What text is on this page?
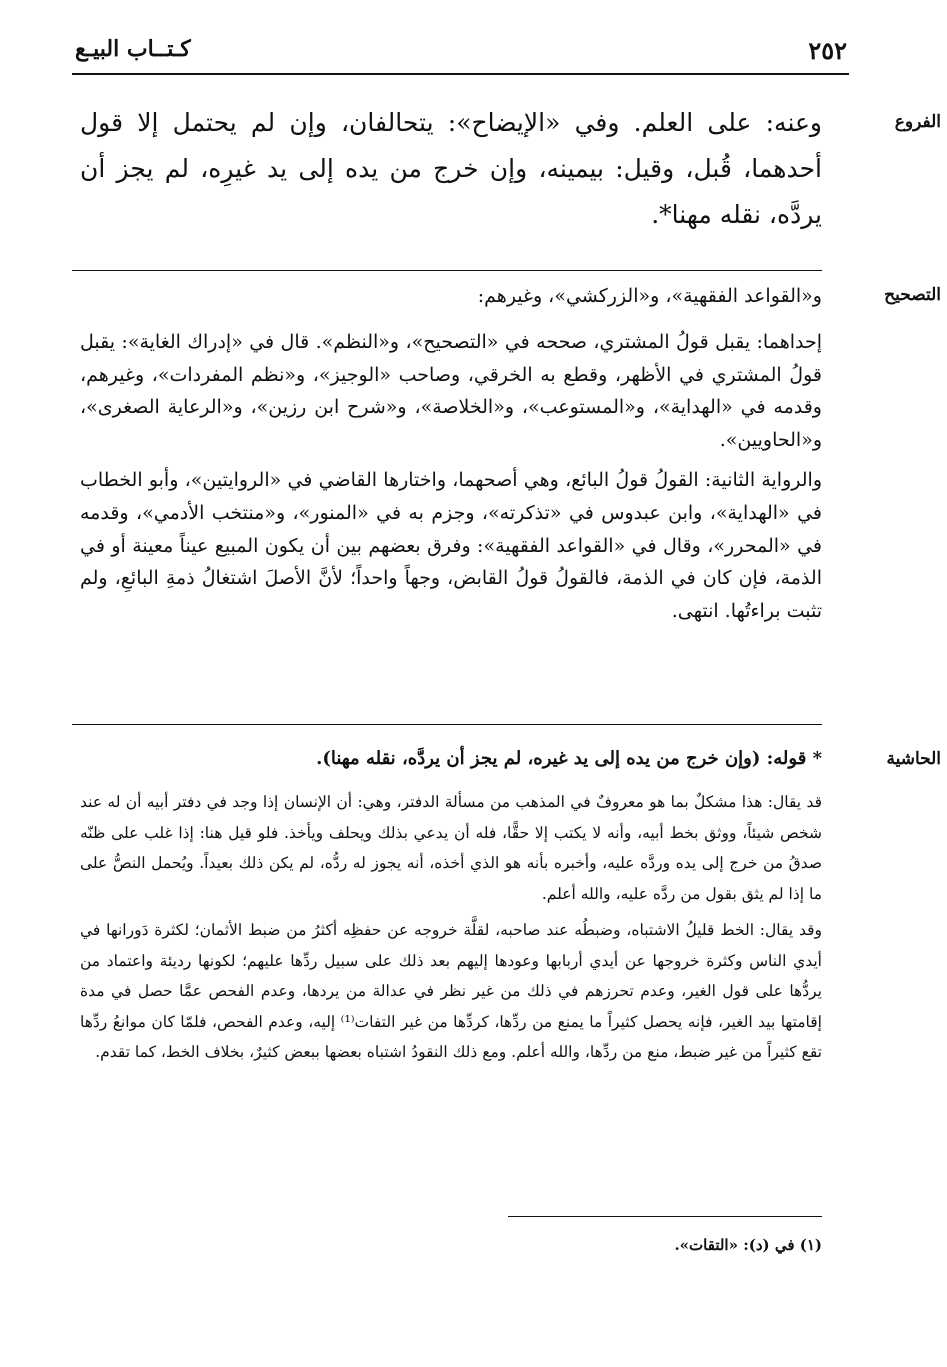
كـتــاب البيـع	٢٥٢
الفروع

وعنه: على العلم. وفي «الإيضاح»: يتحالفان، وإن لم يحتمل إلا قول أحدهما، قُبل، وقيل: بيمينه، وإن خرج من يده إلى يد غيرِه، لم يجز أن يردَّه، نقله مهنا*.

التصحيح
و«القواعد الفقهية»، و«الزركشي»، وغيرهم:

إحداهما: يقبل قولُ المشتري، صححه في «التصحيح»، و«النظم». قال في «إدراك الغاية»: يقبل قولُ المشتري في الأظهر، وقطع به الخرقي، وصاحب «الوجيز»، و«نظم المفردات»، وغيرهم، وقدمه في «الهداية»، و«المستوعب»، و«الخلاصة»، و«شرح ابن رزين»، و«الرعاية الصغرى»، و«الحاويين».

والرواية الثانية: القولُ قولُ البائع، وهي أصحهما، واختارها القاضي في «الروايتين»، وأبو الخطاب في «الهداية»، وابن عبدوس في «تذكرته»، وجزم به في «المنور»، و«منتخب الأدمي»، وقدمه في «المحرر»، وقال في «القواعد الفقهية»: وفرق بعضهم بين أن يكون المبيع عيناً معينة أو في الذمة، فإن كان في الذمة، فالقولُ قولُ القابض، وجهاً واحداً؛ لأنَّ الأصلَ اشتغالُ ذمةِ البائعِ، ولم تثبت براءتُها. انتهى.

الحاشية
* قوله: (وإن خرج من يده إلى يد غيره، لم يجز أن يردَّه، نقله مهنا).

قد يقال: هذا مشكلٌ بما هو معروفٌ في المذهب من مسألة الدفتر، وهي: أن الإنسان إذا وجد في دفتر أبيه أن له عند شخص شيئاً، ووثق بخط أبيه، وأنه لا يكتب إلا حقًّا، فله أن يدعي بذلك ويحلف ويأخذ. فلو قيل هنا: إذا غلب على ظنّه صدقُ من خرج إلى يده وردَّه عليه، وأخبره بأنه هو الذي أخذه، أنه يجوز له ردُّه، لم يكن ذلك بعيداً. ويُحمل النصُّ على ما إذا لم يثق بقول من ردَّه عليه، والله أعلم.

وقد يقال: الخط قليلُ الاشتباه، وضبطُه عند صاحبه، لقلَّة خروجه عن حفظِه أكثرُ من ضبط الأثمان؛ لكثرة دَورانها في أيدي الناس وكثرة خروجها عن أيدي أربابها وعودها إليهم بعد ذلك على سبيل ردِّها عليهم؛ لكونها رديئة واعتماد من يردُّها على قول الغير، وعدم تحرزهم في ذلك من غير نظر في عدالة من يردها، وعدم الفحص عمَّا حصل في مدة إقامتها بيد الغير، فإنه يحصل كثيراً ما يمنع من ردِّها، كردِّها من غير التفات⁽¹⁾ إليه، وعدم الفحص، فلمّا كان موانعُ ردِّها تقع كثيراً من غير ضبط، منع من ردِّها، والله أعلم. ومع ذلك النقودُ اشتباه بعضها ببعض كثيرٌ، بخلاف الخط، كما تقدم.

(١) في (د): «التقات».
